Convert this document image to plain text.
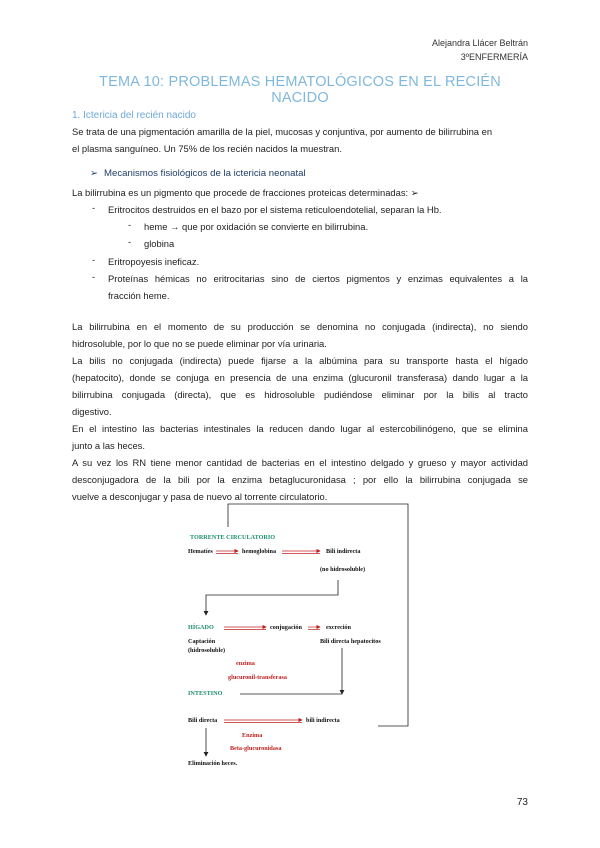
Alejandra Llácer Beltrán
3ºENFERMERÍA
TEMA 10: PROBLEMAS HEMATOLÓGICOS EN EL RECIÉN NACIDO
1. Ictericia del recién nacido
Se trata de una pigmentación amarilla de la piel, mucosas y conjuntiva, por aumento de bilirrubina en
el plasma sanguíneo. Un 75% de los recién nacidos la muestran.
➢ Mecanismos fisiológicos de la ictericia neonatal
La bilirrubina es un pigmento que procede de fracciones proteicas determinadas: ➢
- Eritrocitos destruidos en el bazo por el sistema reticuloendotelial, separan la Hb.
- heme → que por oxidación se convierte en bilirrubina.
- globina
- Eritropoyesis ineficaz.
- Proteínas hémicas no eritrocitarias sino de ciertos pigmentos y enzimas equivalentes a la
fracción heme.
La bilirrubina en el momento de su producción se denomina no conjugada (indirecta), no siendo
hidrosoluble, por lo que no se puede eliminar por vía urinaria.
La bilis no conjugada (indirecta) puede fijarse a la albúmina para su transporte hasta el hígado
(hepatocito), donde se conjuga en presencia de una enzima (glucuronil transferasa) dando lugar a la
bilirrubina conjugada (directa), que es hidrosoluble pudiéndose eliminar por la bilis al tracto
digestivo.
En el intestino las bacterias intestinales la reducen dando lugar al estercobilinógeno, que se elimina
junto a las heces.
A su vez los RN tiene menor cantidad de bacterias en el intestino delgado y grueso y mayor actividad
desconjugadora de la bili por la enzima betaglucuronidasa ; por ello la bilirrubina conjugada se
vuelve a desconjugar y pasa de nuevo al torrente circulatorio.
TORRENTE CIRCULATORIO
Hematíes	hemoglobina	Bili indirecta
(no hidrosoluble)
HÍGADO	conjugación	excreción
Captación
(hidrosoluble)
Bili directa hepatocitos
enzima
glucuronil-transferasa
INTESTINO
Bili directa	bili indirecta
Enzima
Beta-glucuronidasa
Eliminación heces.
73
